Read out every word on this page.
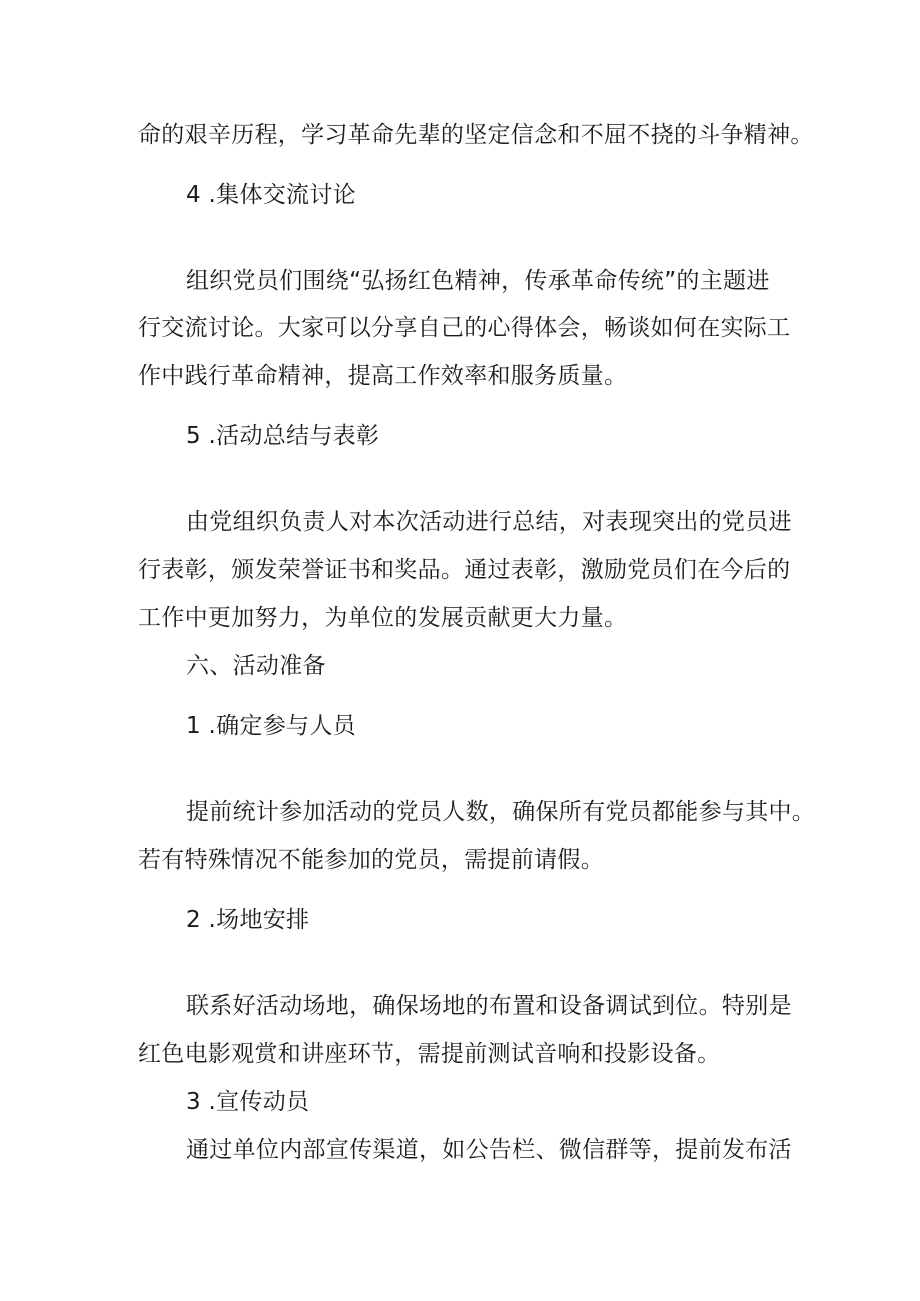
命的艰辛历程，学习革命先辈的坚定信念和不屈不挠的斗争精神。
4 .集体交流讨论
组织党员们围绕“弘扬红色精神，传承革命传统”的主题进
行交流讨论。大家可以分享自己的心得体会，畅谈如何在实际工
作中践行革命精神，提高工作效率和服务质量。
5 .活动总结与表彰
由党组织负责人对本次活动进行总结，对表现突出的党员进
行表彰，颁发荣誉证书和奖品。通过表彰，激励党员们在今后的
工作中更加努力，为单位的发展贡献更大力量。
六、活动准备
1 .确定参与人员
提前统计参加活动的党员人数，确保所有党员都能参与其中。
若有特殊情况不能参加的党员，需提前请假。
2 .场地安排
联系好活动场地，确保场地的布置和设备调试到位。特别是
红色电影观赏和讲座环节，需提前测试音响和投影设备。
3 .宣传动员
通过单位内部宣传渠道，如公告栏、微信群等，提前发布活
